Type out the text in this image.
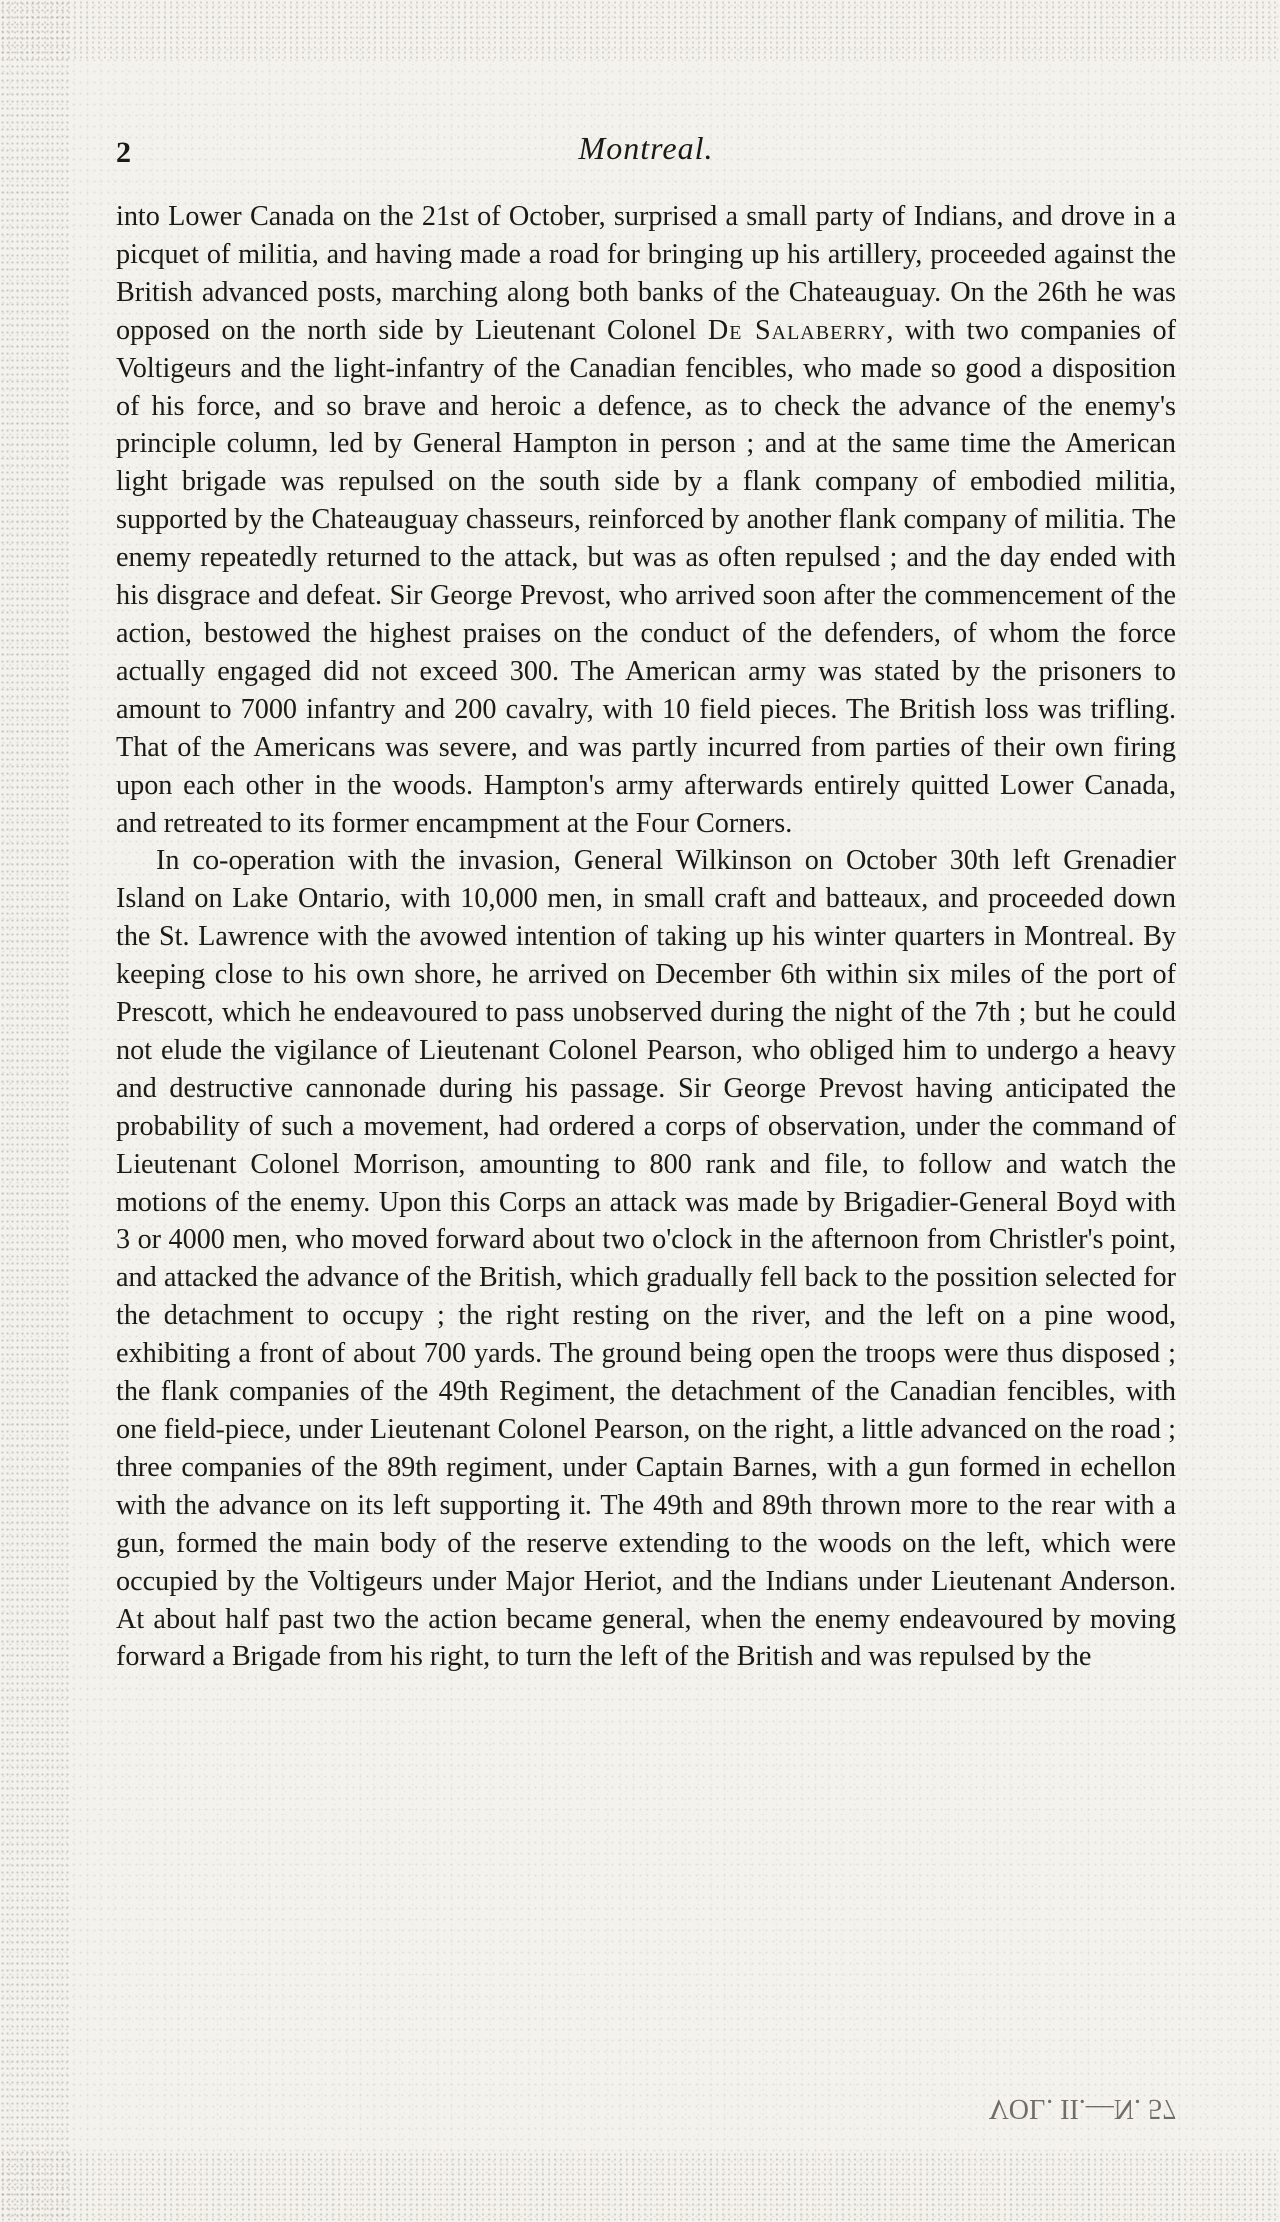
2	Montreal.

into Lower Canada on the 21st of October, surprised a small party of Indians, and drove in a picquet of militia, and having made a road for bringing up his artillery, proceeded against the British advanced posts, marching along both banks of the Chateauguay. On the 26th he was opposed on the north side by Lieutenant Colonel De Salaberry, with two companies of Voltigeurs and the light-infantry of the Canadian fencibles, who made so good a disposition of his force, and so brave and heroic a defence, as to check the advance of the enemy's principle column, led by General Hampton in person ; and at the same time the American light brigade was repulsed on the south side by a flank company of embodied militia, supported by the Chateauguay chasseurs, reinforced by another flank company of militia. The enemy repeatedly returned to the attack, but was as often repulsed ; and the day ended with his disgrace and defeat. Sir George Prevost, who arrived soon after the commencement of the action, bestowed the highest praises on the conduct of the defenders, of whom the force actually engaged did not exceed 300. The American army was stated by the prisoners to amount to 7000 infantry and 200 cavalry, with 10 field pieces. The British loss was trifling. That of the Americans was severe, and was partly incurred from parties of their own firing upon each other in the woods. Hampton's army afterwards entirely quitted Lower Canada, and retreated to its former encampment at the Four Corners.

In co-operation with the invasion, General Wilkinson on October 30th left Grenadier Island on Lake Ontario, with 10,000 men, in small craft and batteaux, and proceeded down the St. Lawrence with the avowed intention of taking up his winter quarters in Montreal. By keeping close to his own shore, he arrived on December 6th within six miles of the port of Prescott, which he endeavoured to pass unobserved during the night of the 7th ; but he could not elude the vigilance of Lieutenant Colonel Pearson, who obliged him to undergo a heavy and destructive cannonade during his passage. Sir George Prevost having anticipated the probability of such a movement, had ordered a corps of observation, under the command of Lieutenant Colonel Morrison, amounting to 800 rank and file, to follow and watch the motions of the enemy. Upon this Corps an attack was made by Brigadier-General Boyd with 3 or 4000 men, who moved forward about two o'clock in the afternoon from Christler's point, and attacked the advance of the British, which gradually fell back to the possition selected for the detachment to occupy ; the right resting on the river, and the left on a pine wood, exhibiting a front of about 700 yards. The ground being open the troops were thus disposed ; the flank companies of the 49th Regiment, the detachment of the Canadian fencibles, with one field-piece, under Lieutenant Colonel Pearson, on the right, a little advanced on the road ; three companies of the 89th regiment, under Captain Barnes, with a gun formed in echellon with the advance on its left supporting it. The 49th and 89th thrown more to the rear with a gun, formed the main body of the reserve extending to the woods on the left, which were occupied by the Voltigeurs under Major Heriot, and the Indians under Lieutenant Anderson. At about half past two the action became general, when the enemy endeavoured by moving forward a Brigade from his right, to turn the left of the British and was repulsed by the

VOL. II.—N. 57
